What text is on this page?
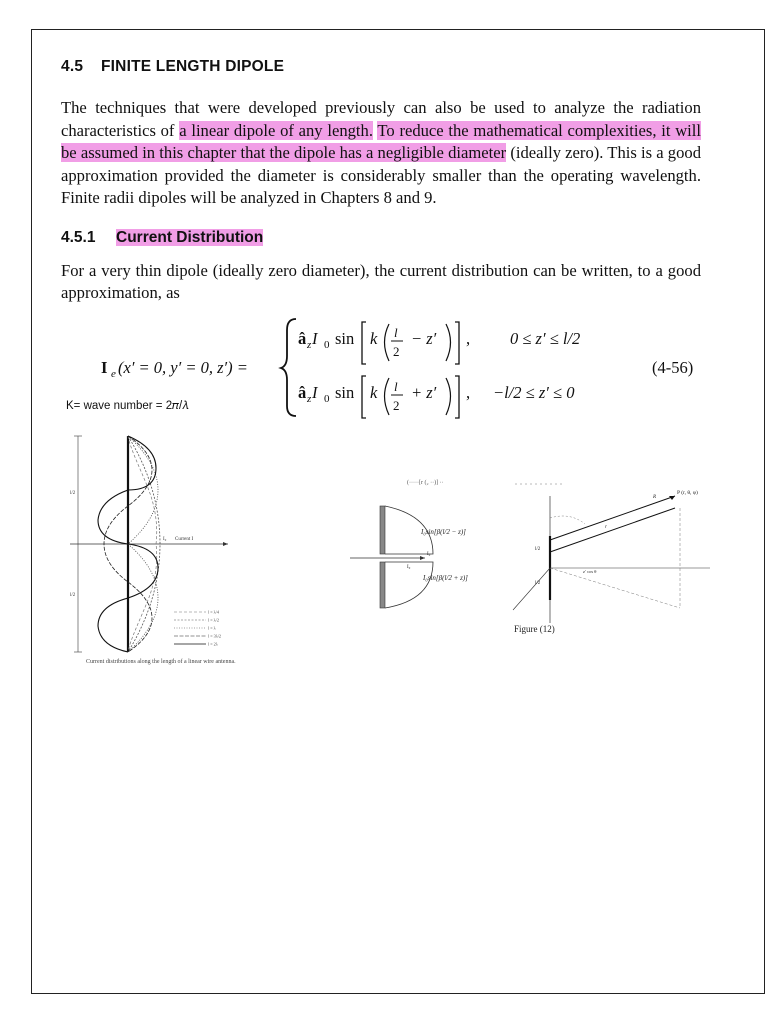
4.5 FINITE LENGTH DIPOLE

The techniques that were developed previously can also be used to analyze the radiation characteristics of a linear dipole of any length. To reduce the mathematical complexities, it will be assumed in this chapter that the dipole has a negligible diameter (ideally zero). This is a good approximation provided the diameter is considerably smaller than the operating wavelength. Finite radii dipoles will be analyzed in Chapters 8 and 9.

4.5.1 Current Distribution

For a very thin dipole (ideally zero diameter), the current distribution can be written, to a good approximation, as

I e (x′ = 0, y′ = 0, z′) =
â z I 0 sin k l
2
− z′ , 0 ≤ z′ ≤ l/2
â z I 0 sin k l
2
+ z′ , −l/2 ≤ z′ ≤ 0
(4-56)

K= wave number = 2𝜋/𝜆

l/2
l/2
Current I
I₀
l = λ/4
l = λ/2
l = λ
l = 3λ/2
l = 2λ

Current distributions along the length of a linear wire antenna.

(·····[r (₂ ··)] ··
I₀sin[β(l/2 − z)]
I₀sin[β(l/2 + z)]
I₀
I₀
P (r, θ, φ)
R
r
l/2
l/2
z′ cos θ

Figure (12)
